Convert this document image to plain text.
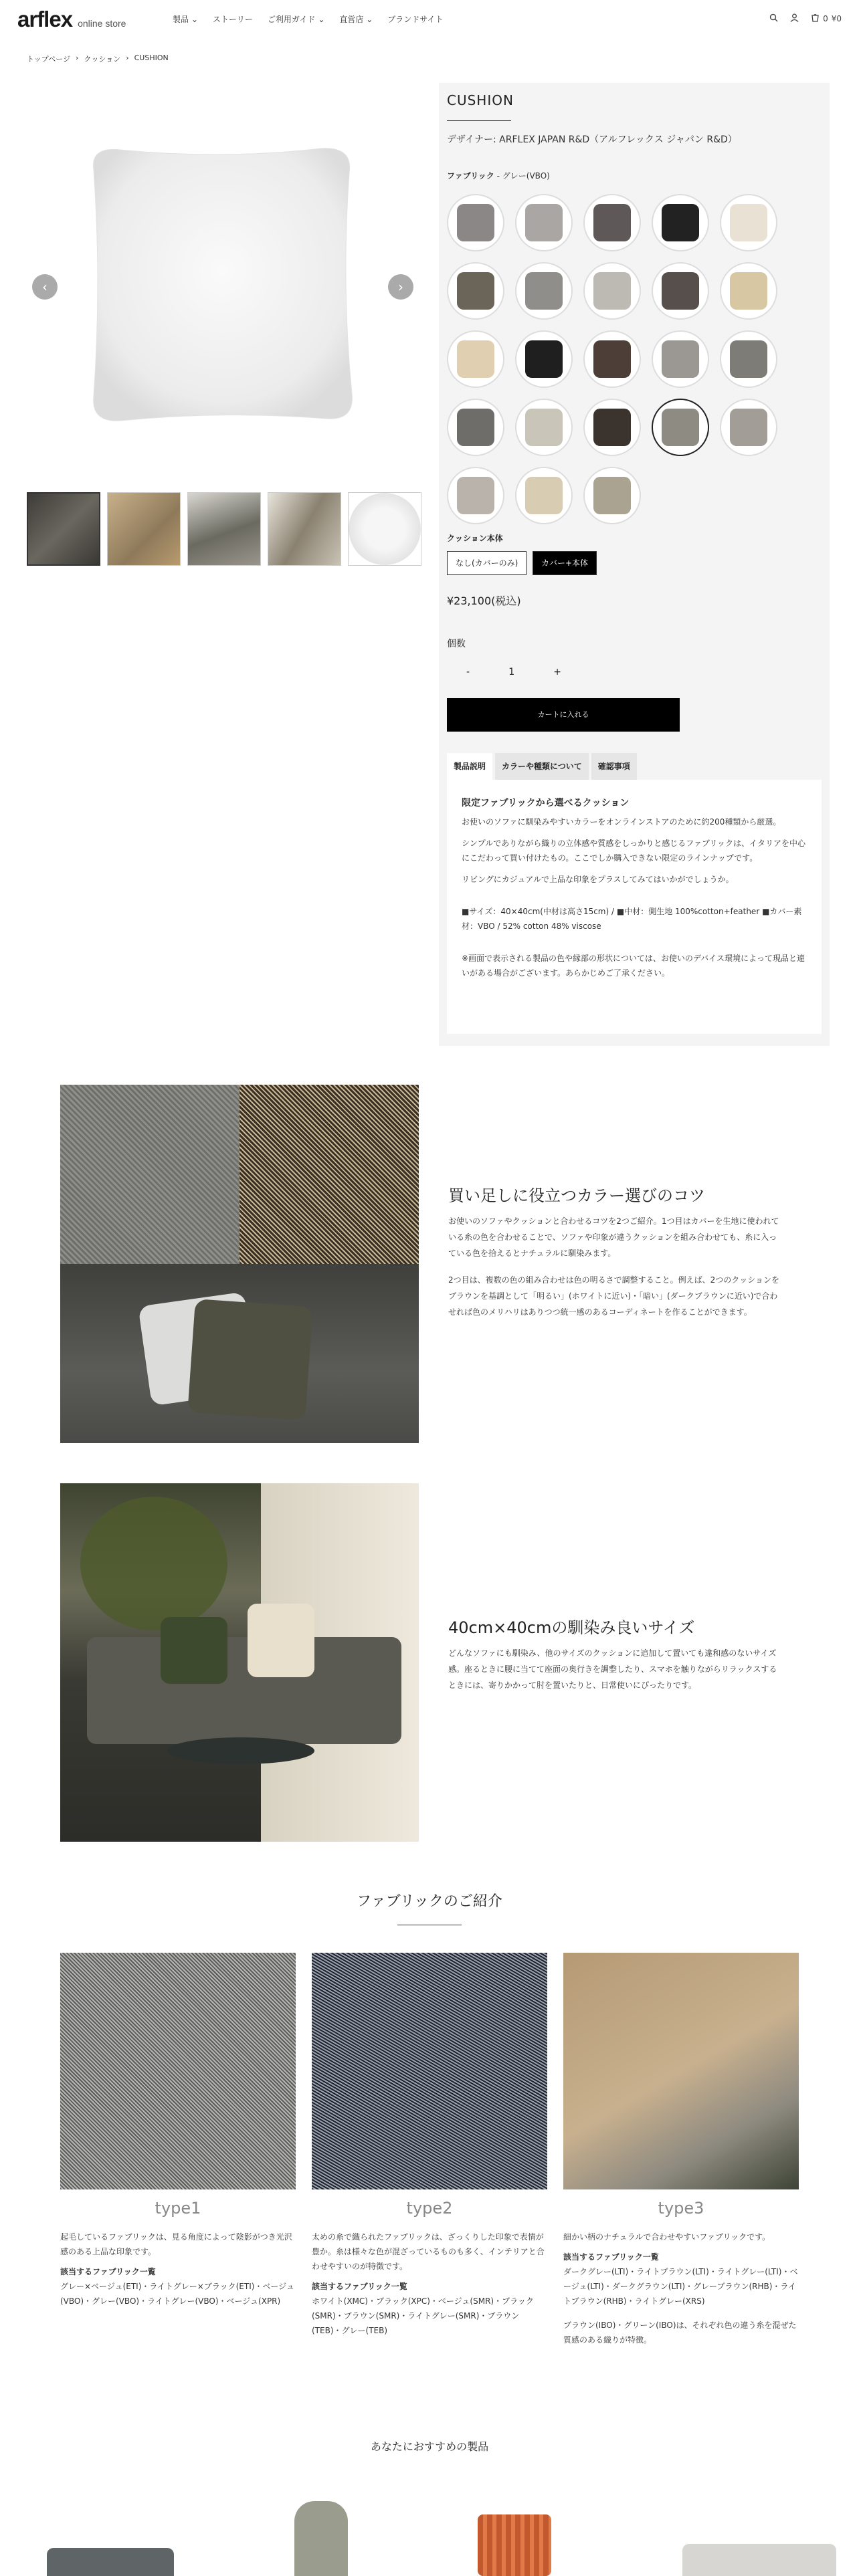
arflex online store	製品 ⌄ ストーリー ご利用ガイド ⌄ 直営店 ⌄ ブランドサイト	0 ¥0
トップページ › クッション › CUSHION
‹	›
CUSHION
デザイナー: ARFLEX JAPAN R&D（アルフレックス ジャパン R&D）
ファブリック - グレー(VBO)
クッション本体
なし(カバーのみ)	カバー+本体
¥23,100(税込)
個数
-	1	+
カートに入れる
製品説明	カラーや種類について	確認事項
限定ファブリックから選べるクッション

お使いのソファに馴染みやすいカラーをオンラインストアのために約200種類から厳選。

シンプルでありながら織りの立体感や質感をしっかりと感じるファブリックは、イタリアを中心にこだわって買い付けたもの。ここでしか購入できない限定のラインナップです。

リビングにカジュアルで上品な印象をプラスしてみてはいかがでしょうか。

■サイズ：40×40cm(中材は高さ15cm) / ■中材：側生地 100%cotton+feather ■カバー素材：VBO / 52% cotton 48% viscose

※画面で表示される製品の色や縁部の形状については、お使いのデバイス環境によって現品と違いがある場合がございます。あらかじめご了承ください。

買い足しに役立つカラー選びのコツ

お使いのソファやクッションと合わせるコツを2つご紹介。1つ目はカバーを生地に使われている糸の色を合わせることで、ソファや印象が違うクッションを組み合わせても、糸に入っている色を拾えるとナチュラルに馴染みます。

2つ目は、複数の色の組み合わせは色の明るさで調整すること。例えば、2つのクッションをブラウンを基調として「明るい」(ホワイトに近い)・「暗い」(ダークブラウンに近い)で合わせれば色のメリハリはありつつ統一感のあるコーディネートを作ることができます。

40cm×40cmの馴染み良いサイズ

どんなソファにも馴染み、他のサイズのクッションに追加して置いても違和感のないサイズ感。座るときに腰に当てて座面の奥行きを調整したり、スマホを触りながらリラックスするときには、寄りかかって肘を置いたりと、日常使いにぴったりです。

ファブリックのご紹介
type1	type2	type3
起毛しているファブリックは、見る角度によって陰影がつき光沢感のある上品な印象です。
該当するファブリック一覧
グレー×ベージュ(ETI)・ライトグレー×ブラック(ETI)・ベージュ(VBO)・グレー(VBO)・ライトグレー(VBO)・ベージュ(XPR)
太めの糸で織られたファブリックは、ざっくりした印象で表情が豊か。糸は様々な色が混ざっているものも多く、インテリアと合わせやすいのが特徴です。
該当するファブリック一覧
ホワイト(XMC)・ブラック(XPC)・ベージュ(SMR)・ブラック(SMR)・ブラウン(SMR)・ライトグレー(SMR)・ブラウン(TEB)・グレー(TEB)
細かい柄のナチュラルで合わせやすいファブリックです。
該当するファブリック一覧
ダークグレー(LTI)・ライトブラウン(LTI)・ライトグレー(LTI)・ベージュ(LTI)・ダークグラウン(LTI)・グレーブラウン(RHB)・ライトブラウン(RHB)・ライトグレー(XRS)
ブラウン(IBO)・グリーン(IBO)は、それぞれ色の違う糸を混ぜた質感のある織りが特徴。
あなたにおすすめの製品
